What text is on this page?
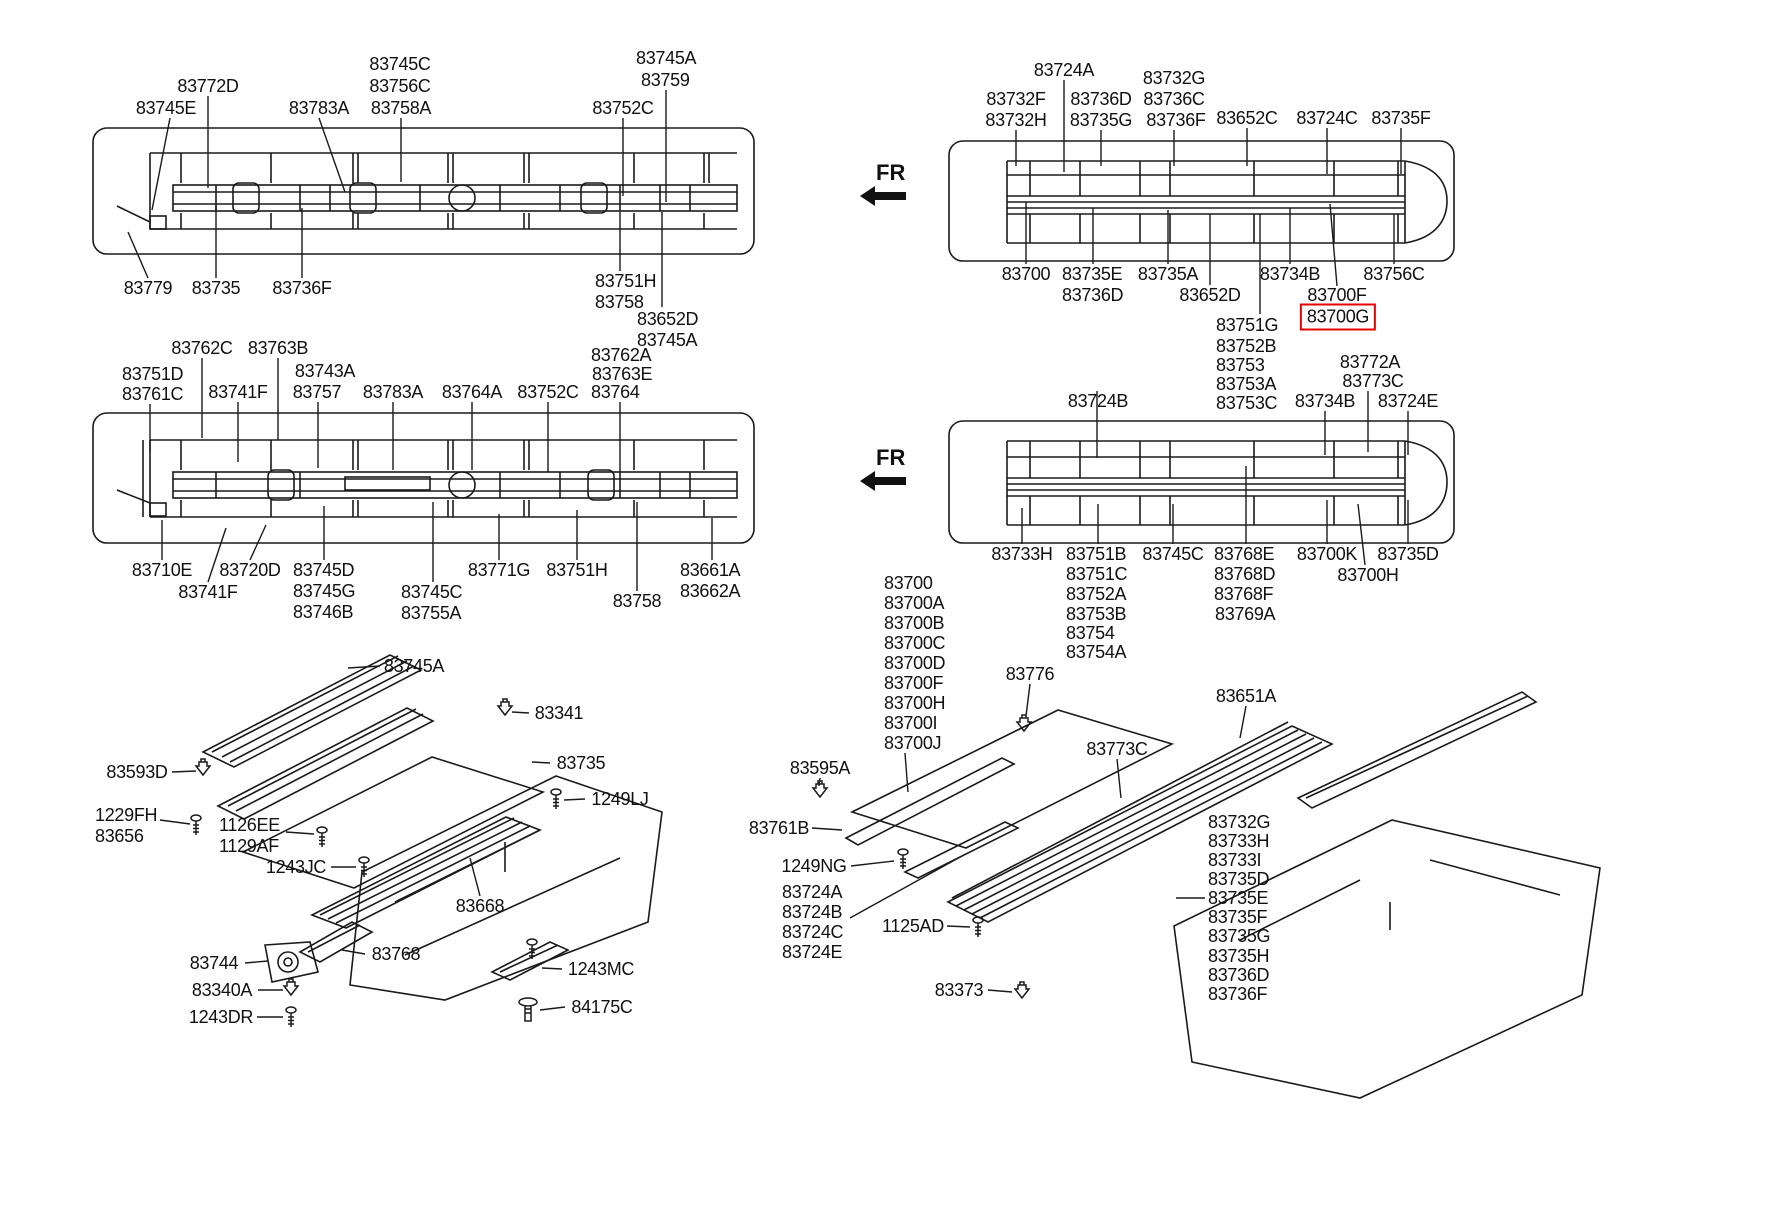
FR
FR
83772D
83745E	83783A
83745C
83756C
83758A
83745A
83759
83752C
83779 83735 83736F	83751H
83758
83652D
83745A
83724A
83732F
83732H
83736D
83735G
83732G
83736C
83736F 83652C 83724C 83735F
83700 83735E
83736D
83735A
83652D
83734B 83756C
83700F
83700G
83751G
83752B
83753
83753A
83753C
83772A
83773C
83734B 83724E
83724B
83762C 83763B
83751D
83761C 83741F
83743A
83757 83783A 83764A 83752C
83762A
83763E
83764
83710E 83720D
83741F
83745D
83745G
83746B
83745C
83755A
83771G 83751H
83758
83661A
83662A
83733H 83751B
83751C
83752A
83753B
83754
83754A
83745C 83768E
83768D
83768F
83769A
83700K
83700H
83735D
83745A
83341
83735
1249LJ
83593D
1229FH
83656
1126EE
1129AF
1243JC
83668
83744	83768
83340A
1243DR
1243MC
84175C
83700
83700A
83700B
83700C
83700D
83700F
83700H
83700I
83700J
83776
83773C
83651A
83595A
83761B
1249NG
83724A
83724B
83724C
83724E
1125AD
83373
83732G
83733H
83733I
83735D
83735E
83735F
83735G
83735H
83736D
83736F
